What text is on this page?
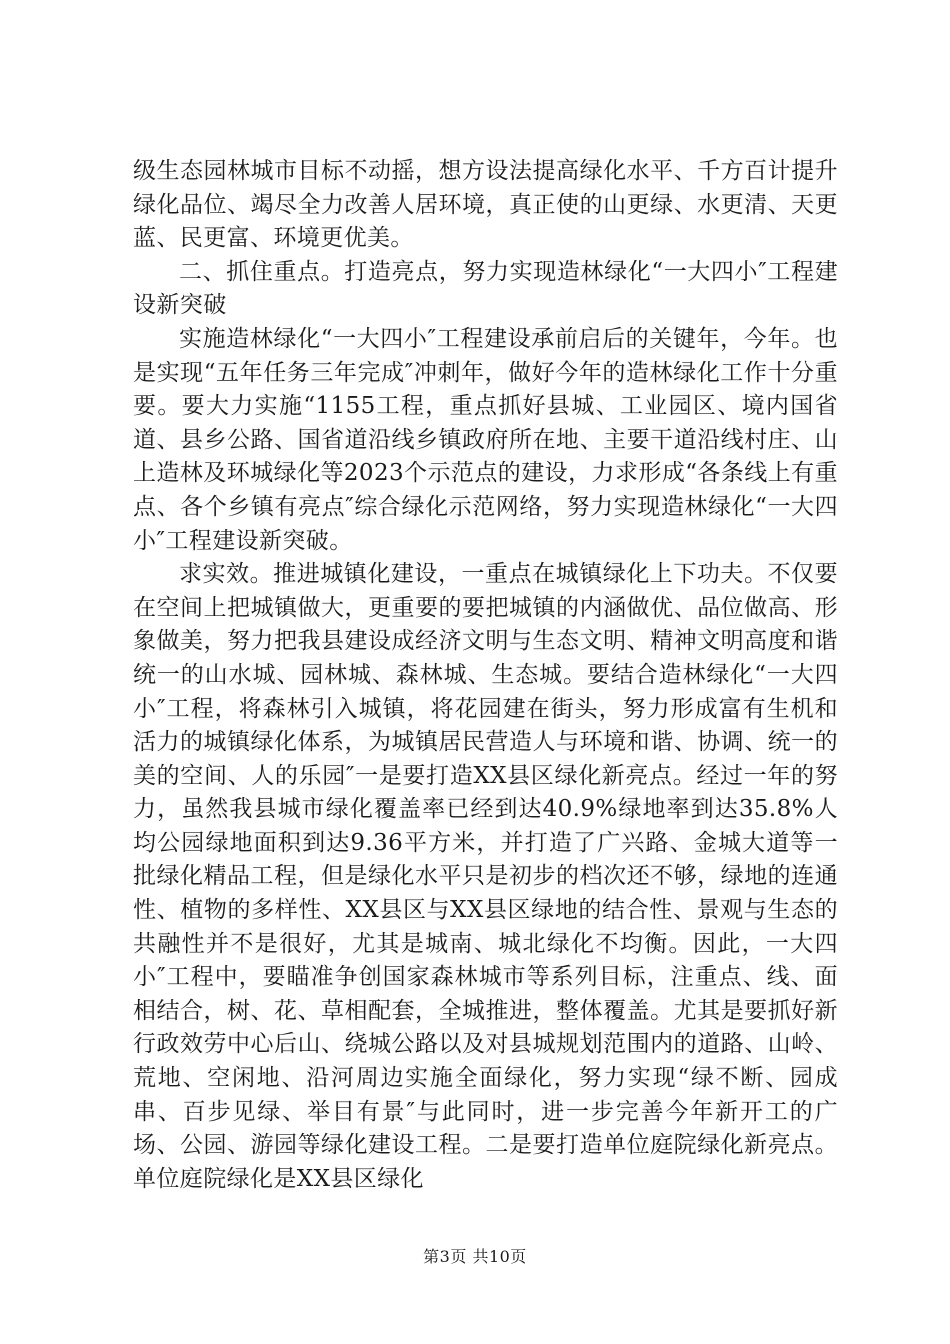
级生态园林城市目标不动摇，想方设法提高绿化水平、千方百计提升绿化品位、竭尽全力改善人居环境，真正使的山更绿、水更清、天更蓝、民更富、环境更优美。

二、抓住重点。打造亮点，努力实现造林绿化“一大四小″工程建设新突破

实施造林绿化“一大四小″工程建设承前启后的关键年，今年。也是实现“五年任务三年完成″冲刺年，做好今年的造林绿化工作十分重要。要大力实施“1155工程，重点抓好县城、工业园区、境内国省道、县乡公路、国省道沿线乡镇政府所在地、主要干道沿线村庄、山上造林及环城绿化等2023个示范点的建设，力求形成“各条线上有重点、各个乡镇有亮点″综合绿化示范网络，努力实现造林绿化“一大四小″工程建设新突破。

求实效。推进城镇化建设，一重点在城镇绿化上下功夫。不仅要在空间上把城镇做大，更重要的要把城镇的内涵做优、品位做高、形象做美，努力把我县建设成经济文明与生态文明、精神文明高度和谐统一的山水城、园林城、森林城、生态城。要结合造林绿化“一大四小″工程，将森林引入城镇，将花园建在街头，努力形成富有生机和活力的城镇绿化体系，为城镇居民营造人与环境和谐、协调、统一的美的空间、人的乐园″一是要打造XX县区绿化新亮点。经过一年的努力，虽然我县城市绿化覆盖率已经到达40.9%绿地率到达35.8%人均公园绿地面积到达9.36平方米，并打造了广兴路、金城大道等一批绿化精品工程，但是绿化水平只是初步的档次还不够，绿地的连通性、植物的多样性、XX县区与XX县区绿地的结合性、景观与生态的共融性并不是很好，尤其是城南、城北绿化不均衡。因此，一大四小″工程中，要瞄准争创国家森林城市等系列目标，注重点、线、面相结合，树、花、草相配套，全城推进，整体覆盖。尤其是要抓好新行政效劳中心后山、绕城公路以及对县城规划范围内的道路、山岭、荒地、空闲地、沿河周边实施全面绿化，努力实现“绿不断、园成串、百步见绿、举目有景″与此同时，进一步完善今年新开工的广场、公园、游园等绿化建设工程。二是要打造单位庭院绿化新亮点。单位庭院绿化是XX县区绿化

第3页 共10页
